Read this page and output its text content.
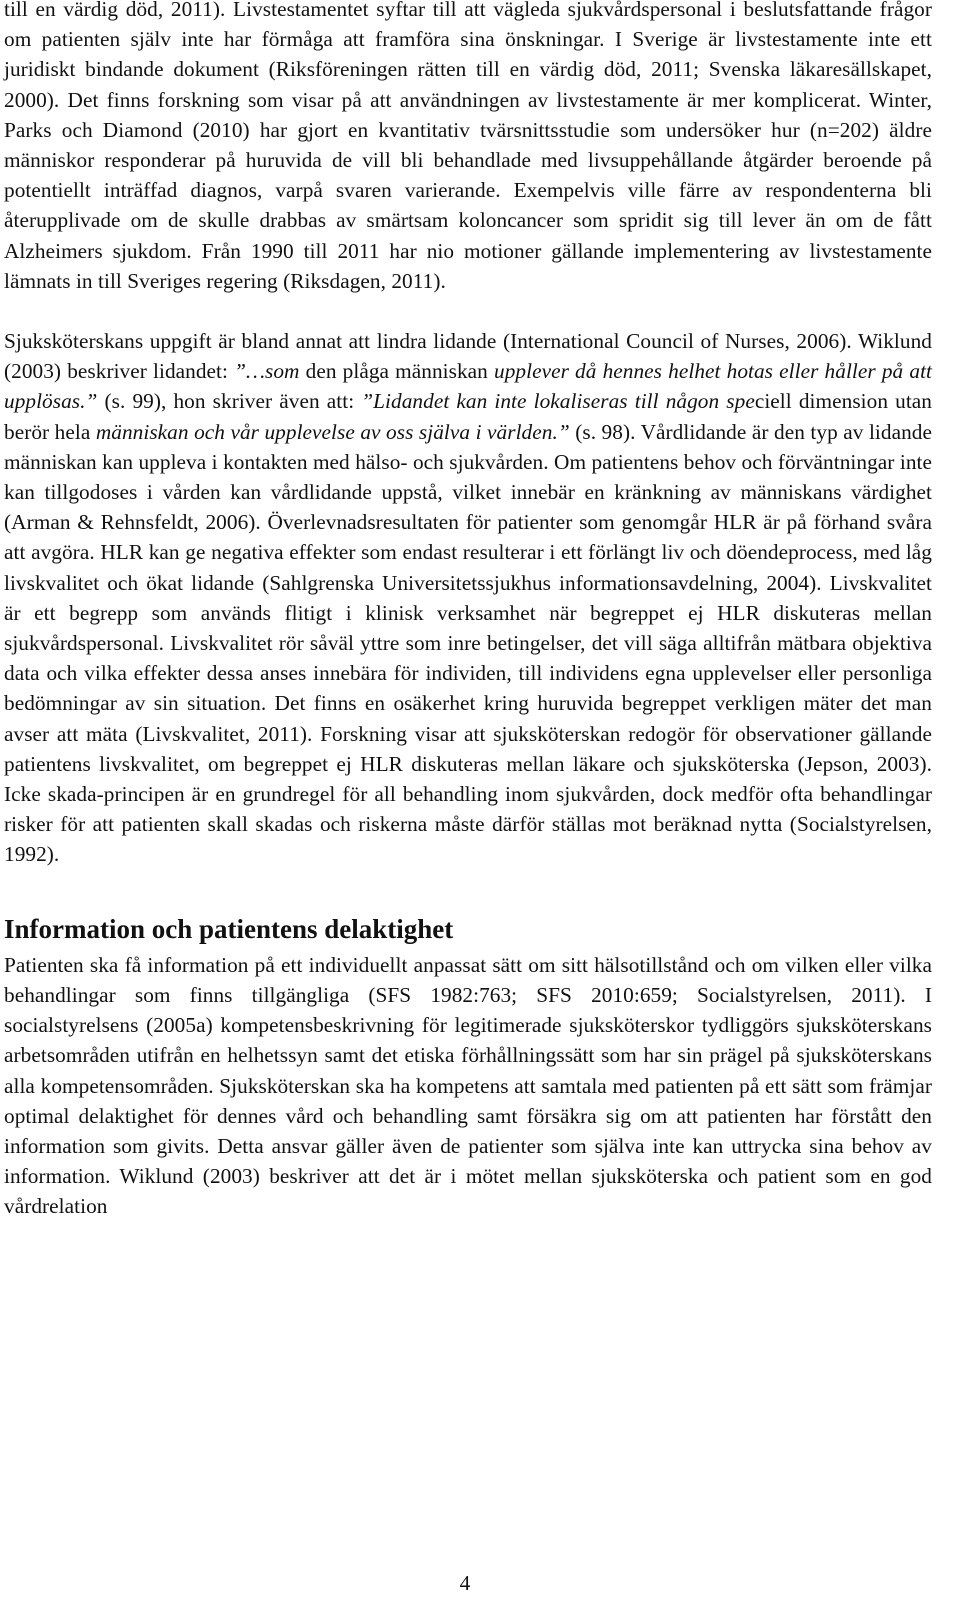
till en värdig död, 2011). Livstestamentet syftar till att vägleda sjukvårdspersonal i beslutsfattande frågor om patienten själv inte har förmåga att framföra sina önskningar. I Sverige är livstestamente inte ett juridiskt bindande dokument (Riksföreningen rätten till en värdig död, 2011; Svenska läkaresällskapet, 2000). Det finns forskning som visar på att användningen av livstestamente är mer komplicerat. Winter, Parks och Diamond (2010) har gjort en kvantitativ tvärsnittsstudie som undersöker hur (n=202) äldre människor responderar på huruvida de vill bli behandlade med livsuppehållande åtgärder beroende på potentiellt inträffad diagnos, varpå svaren varierande. Exempelvis ville färre av respondenterna bli återupplivade om de skulle drabbas av smärtsam koloncancer som spridit sig till lever än om de fått Alzheimers sjukdom. Från 1990 till 2011 har nio motioner gällande implementering av livstestamente lämnats in till Sveriges regering (Riksdagen, 2011).

Sjuksköterskans uppgift är bland annat att lindra lidande (International Council of Nurses, 2006). Wiklund (2003) beskriver lidandet: ”…som den plåga människan upplever då hennes helhet hotas eller håller på att upplösas.” (s. 99), hon skriver även att: ”Lidandet kan inte lokaliseras till någon speciell dimension utan berör hela människan och vår upplevelse av oss själva i världen.” (s. 98). Vårdlidande är den typ av lidande människan kan uppleva i kontakten med hälso- och sjukvården. Om patientens behov och förväntningar inte kan tillgodoses i vården kan vårdlidande uppstå, vilket innebär en kränkning av människans värdighet (Arman & Rehnsfeldt, 2006). Överlevnadsresultaten för patienter som genomgår HLR är på förhand svåra att avgöra. HLR kan ge negativa effekter som endast resulterar i ett förlängt liv och döendeprocess, med låg livskvalitet och ökat lidande (Sahlgrenska Universitetssjukhus informationsavdelning, 2004). Livskvalitet är ett begrepp som används flitigt i klinisk verksamhet när begreppet ej HLR diskuteras mellan sjukvårdspersonal. Livskvalitet rör såväl yttre som inre betingelser, det vill säga alltifrån mätbara objektiva data och vilka effekter dessa anses innebära för individen, till individens egna upplevelser eller personliga bedömningar av sin situation. Det finns en osäkerhet kring huruvida begreppet verkligen mäter det man avser att mäta (Livskvalitet, 2011). Forskning visar att sjuksköterskan redogör för observationer gällande patientens livskvalitet, om begreppet ej HLR diskuteras mellan läkare och sjuksköterska (Jepson, 2003). Icke skada-principen är en grundregel för all behandling inom sjukvården, dock medför ofta behandlingar risker för att patienten skall skadas och riskerna måste därför ställas mot beräknad nytta (Socialstyrelsen, 1992).

Information och patientens delaktighet

Patienten ska få information på ett individuellt anpassat sätt om sitt hälsotillstånd och om vilken eller vilka behandlingar som finns tillgängliga (SFS 1982:763; SFS 2010:659; Socialstyrelsen, 2011). I socialstyrelsens (2005a) kompetensbeskrivning för legitimerade sjuksköterskor tydliggörs sjuksköterskans arbetsområden utifrån en helhetssyn samt det etiska förhållningssätt som har sin prägel på sjuksköterskans alla kompetensområden. Sjuksköterskan ska ha kompetens att samtala med patienten på ett sätt som främjar optimal delaktighet för dennes vård och behandling samt försäkra sig om att patienten har förstått den information som givits. Detta ansvar gäller även de patienter som själva inte kan uttrycka sina behov av information. Wiklund (2003) beskriver att det är i mötet mellan sjuksköterska och patient som en god vårdrelation

4
